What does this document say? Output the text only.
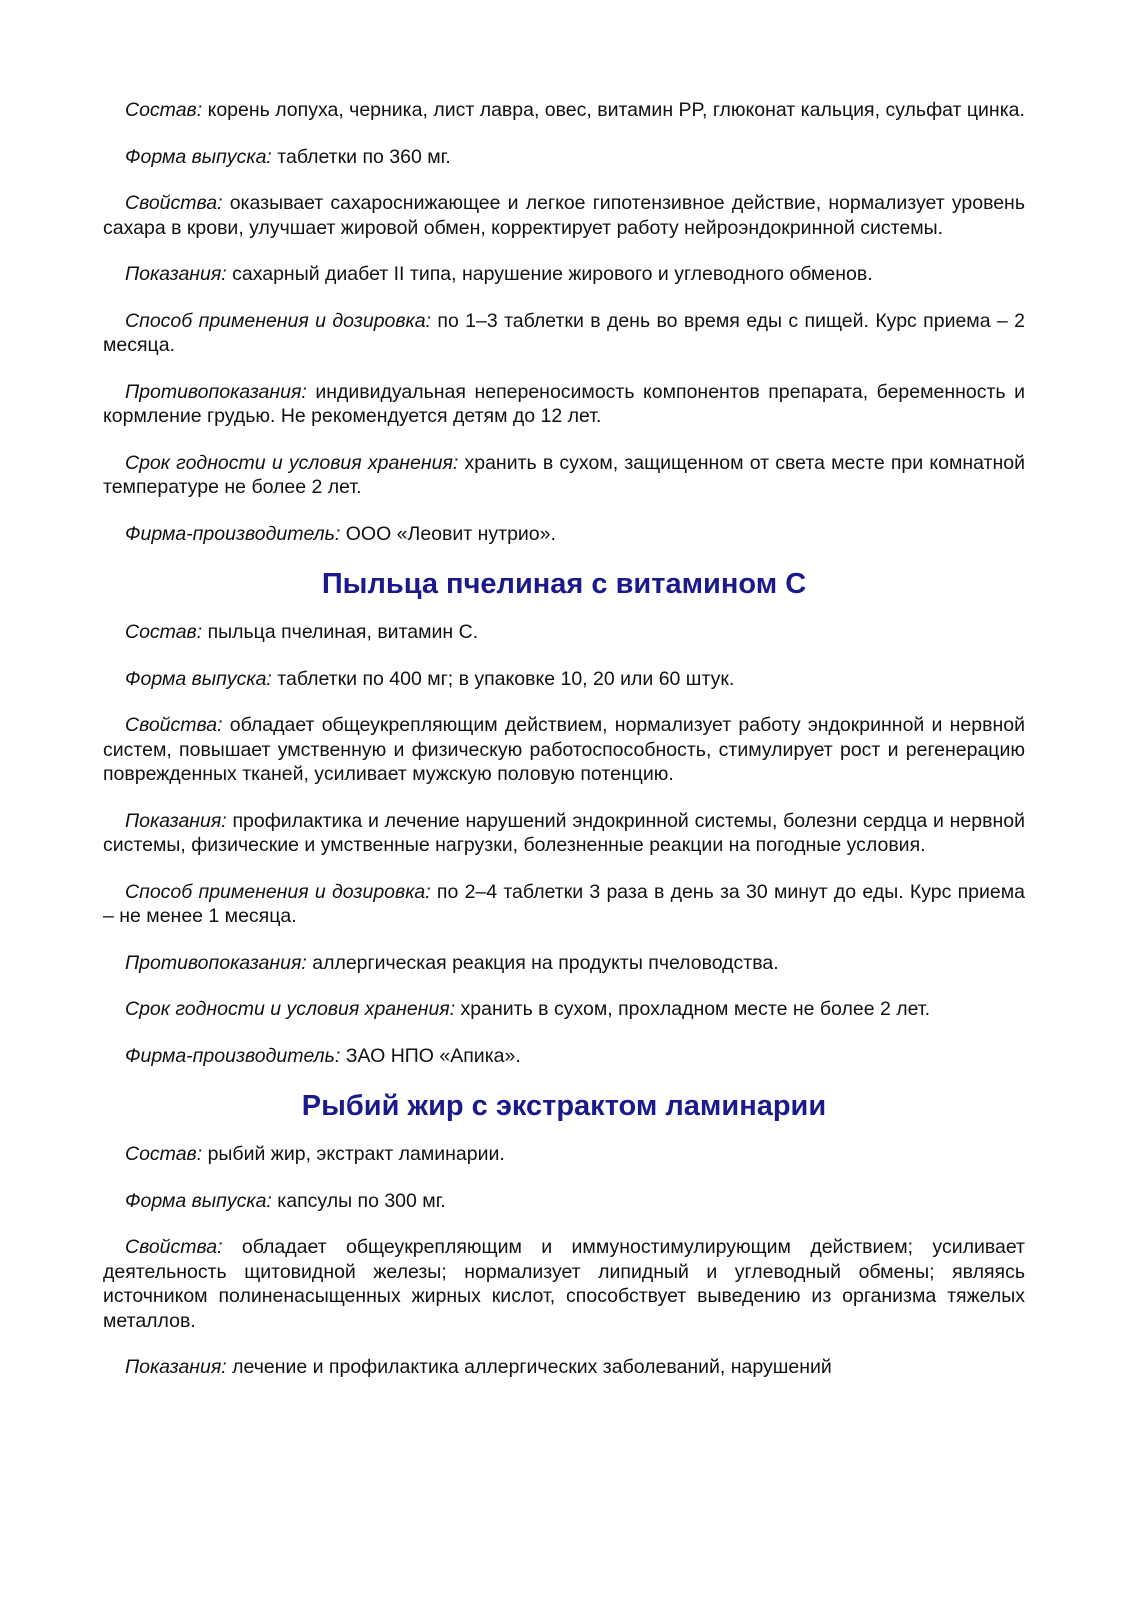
Состав: корень лопуха, черника, лист лавра, овес, витамин PP, глюконат кальция, сульфат цинка.

Форма выпуска: таблетки по 360 мг.

Свойства: оказывает сахароснижающее и легкое гипотензивное действие, нормализует уровень сахара в крови, улучшает жировой обмен, корректирует работу нейроэндокринной системы.

Показания: сахарный диабет II типа, нарушение жирового и углеводного обменов.

Способ применения и дозировка: по 1–3 таблетки в день во время еды с пищей. Курс приема – 2 месяца.

Противопоказания: индивидуальная непереносимость компонентов препарата, беременность и кормление грудью. Не рекомендуется детям до 12 лет.

Срок годности и условия хранения: хранить в сухом, защищенном от света месте при комнатной температуре не более 2 лет.

Фирма-производитель: ООО «Леовит нутрио».

Пыльца пчелиная с витамином С

Состав: пыльца пчелиная, витамин С.

Форма выпуска: таблетки по 400 мг; в упаковке 10, 20 или 60 штук.

Свойства: обладает общеукрепляющим действием, нормализует работу эндокринной и нервной систем, повышает умственную и физическую работоспособность, стимулирует рост и регенерацию поврежденных тканей, усиливает мужскую половую потенцию.

Показания: профилактика и лечение нарушений эндокринной системы, болезни сердца и нервной системы, физические и умственные нагрузки, болезненные реакции на погодные условия.

Способ применения и дозировка: по 2–4 таблетки 3 раза в день за 30 минут до еды. Курс приема – не менее 1 месяца.

Противопоказания: аллергическая реакция на продукты пчеловодства.

Срок годности и условия хранения: хранить в сухом, прохладном месте не более 2 лет.

Фирма-производитель: ЗАО НПО «Апика».

Рыбий жир с экстрактом ламинарии

Состав: рыбий жир, экстракт ламинарии.

Форма выпуска: капсулы по 300 мг.

Свойства: обладает общеукрепляющим и иммуностимулирующим действием; усиливает деятельность щитовидной железы; нормализует липидный и углеводный обмены; являясь источником полиненасыщенных жирных кислот, способствует выведению из организма тяжелых металлов.

Показания: лечение и профилактика аллергических заболеваний, нарушений
